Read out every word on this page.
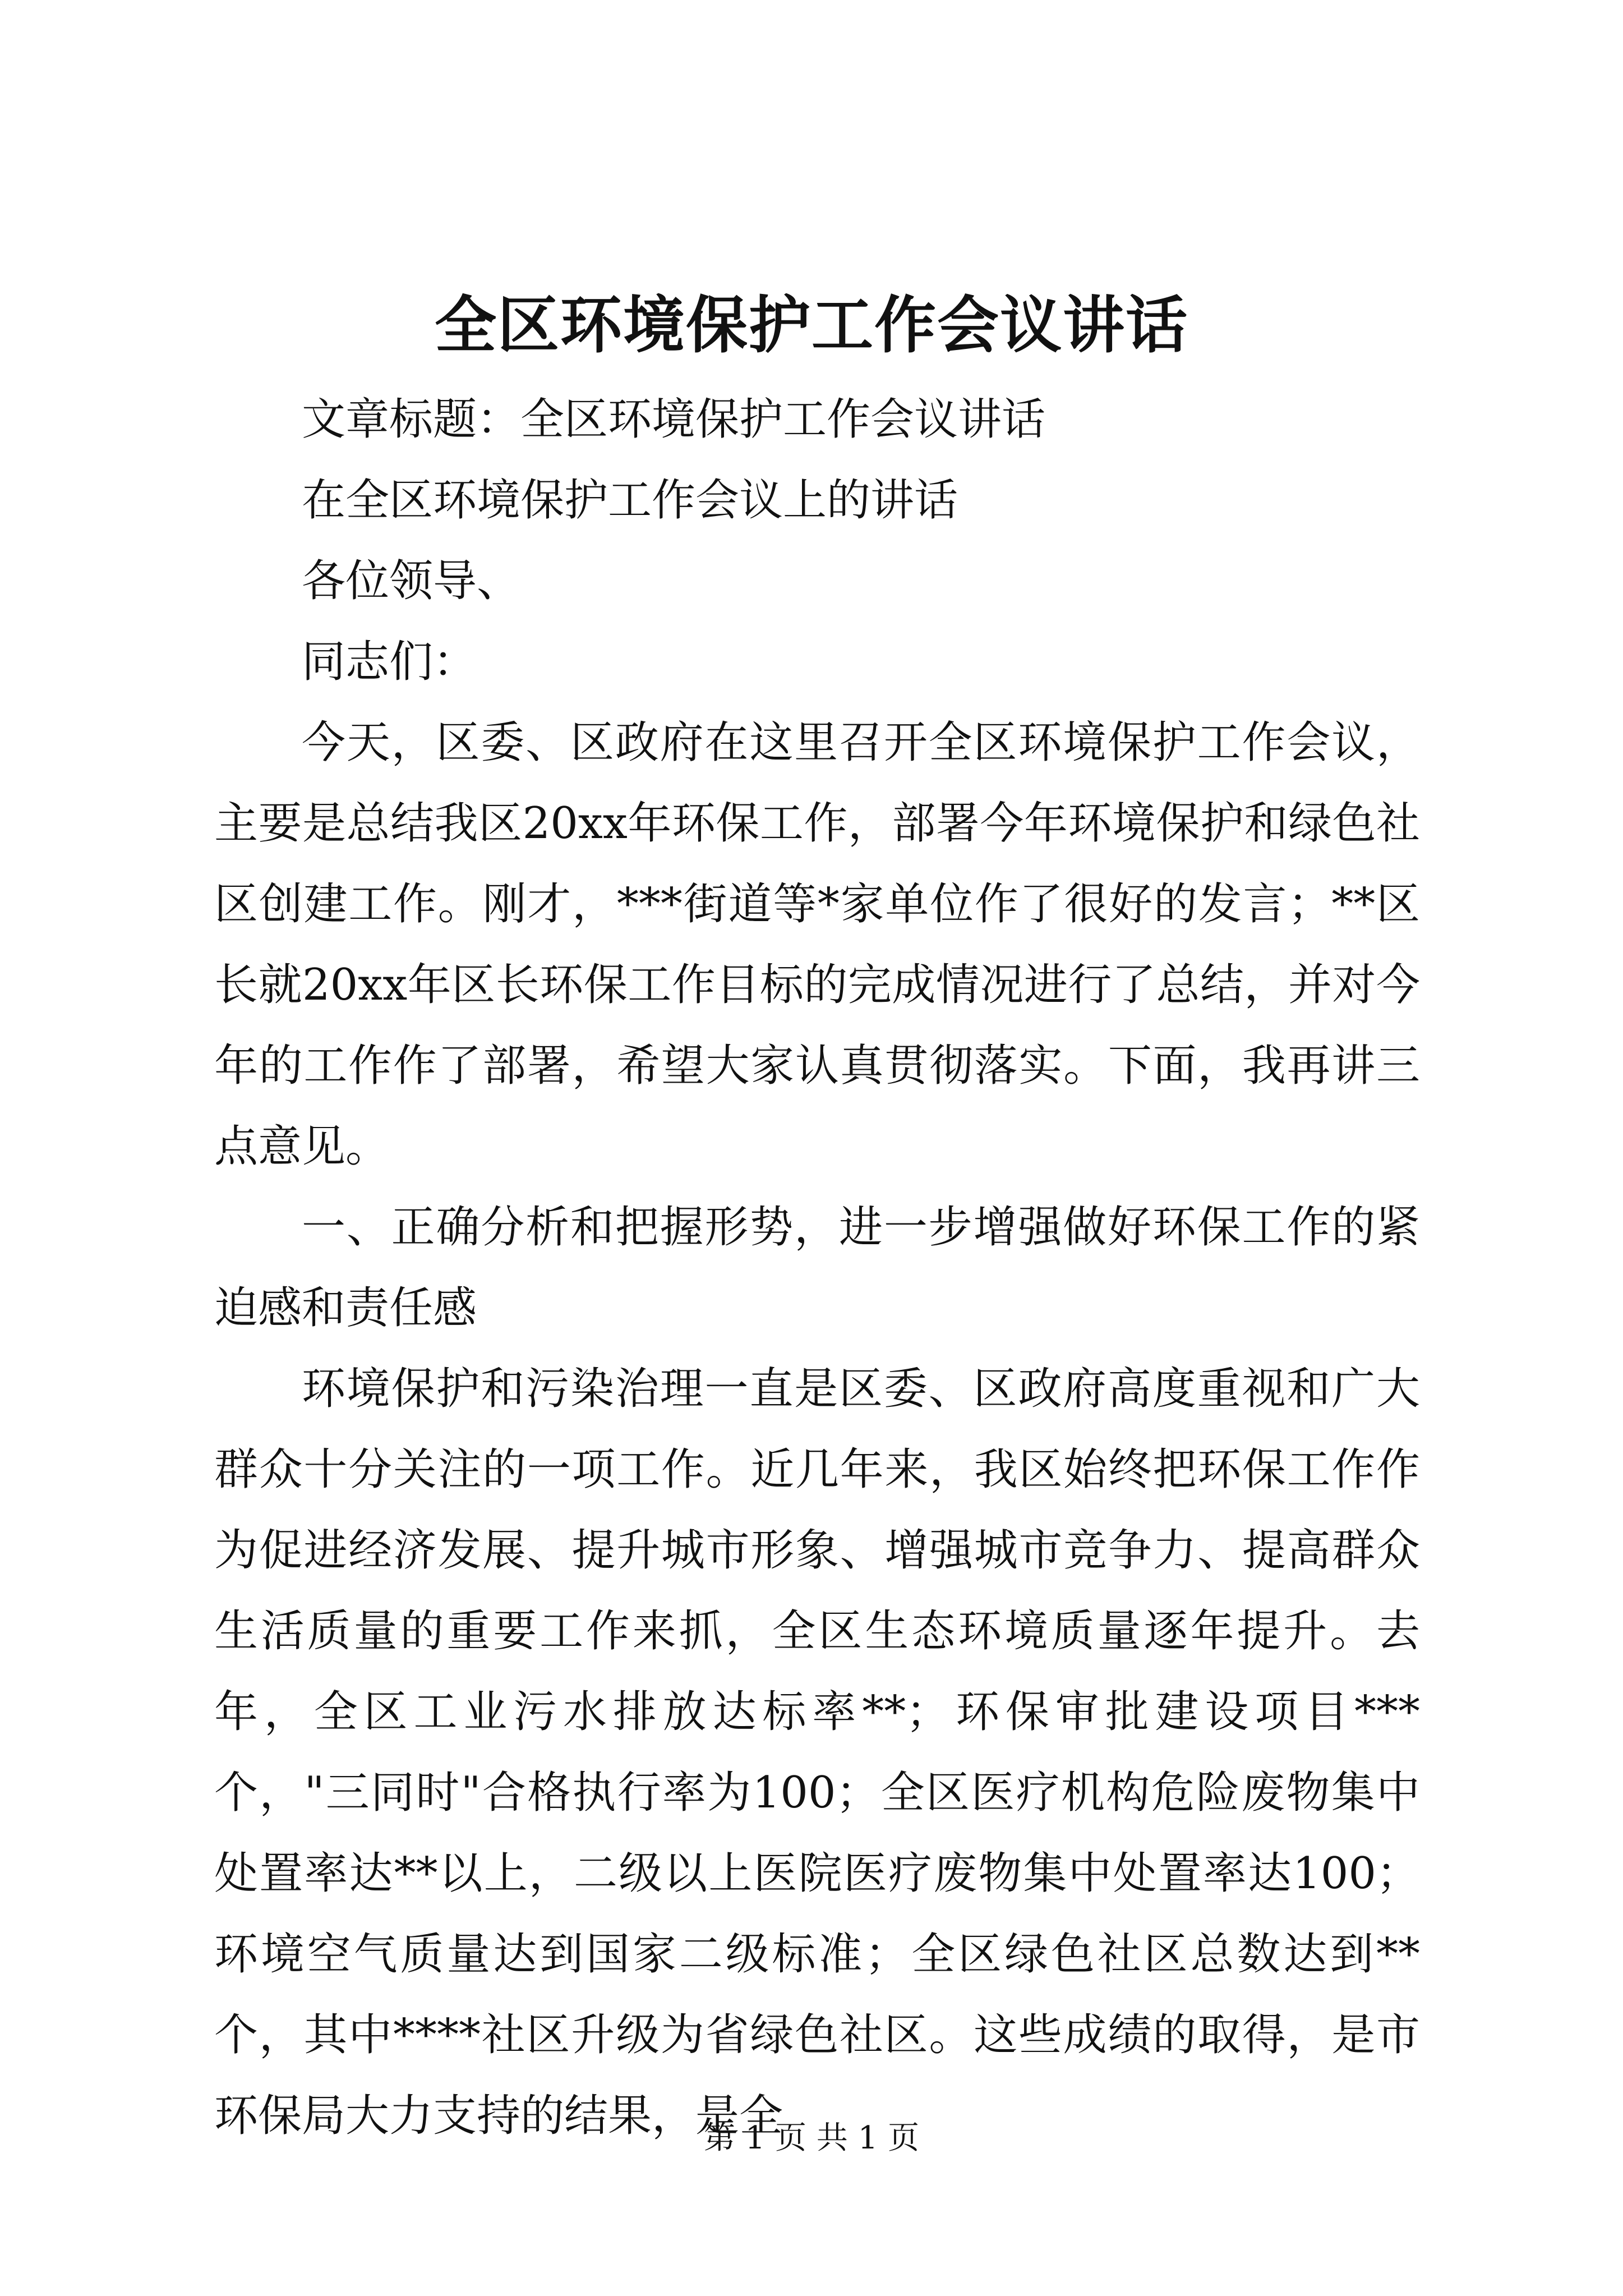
全区环境保护工作会议讲话

文章标题：全区环境保护工作会议讲话

在全区环境保护工作会议上的讲话

各位领导、

同志们：

今天，区委、区政府在这里召开全区环境保护工作会议，主要是总结我区20xx年环保工作，部署今年环境保护和绿色社区创建工作。刚才，***街道等*家单位作了很好的发言；**区长就20xx年区长环保工作目标的完成情况进行了总结，并对今年的工作作了部署，希望大家认真贯彻落实。下面，我再讲三点意见。

一、正确分析和把握形势，进一步增强做好环保工作的紧迫感和责任感

环境保护和污染治理一直是区委、区政府高度重视和广大群众十分关注的一项工作。近几年来，我区始终把环保工作作为促进经济发展、提升城市形象、增强城市竞争力、提高群众生活质量的重要工作来抓，全区生态环境质量逐年提升。去年，全区工业污水排放达标率**；环保审批建设项目***个，"三同时"合格执行率为100；全区医疗机构危险废物集中处置率达**以上，二级以上医院医疗废物集中处置率达100；环境空气质量达到国家二级标准；全区绿色社区总数达到**个，其中****社区升级为省绿色社区。这些成绩的取得，是市环保局大力支持的结果，是全

第 1 页 共 1 页
